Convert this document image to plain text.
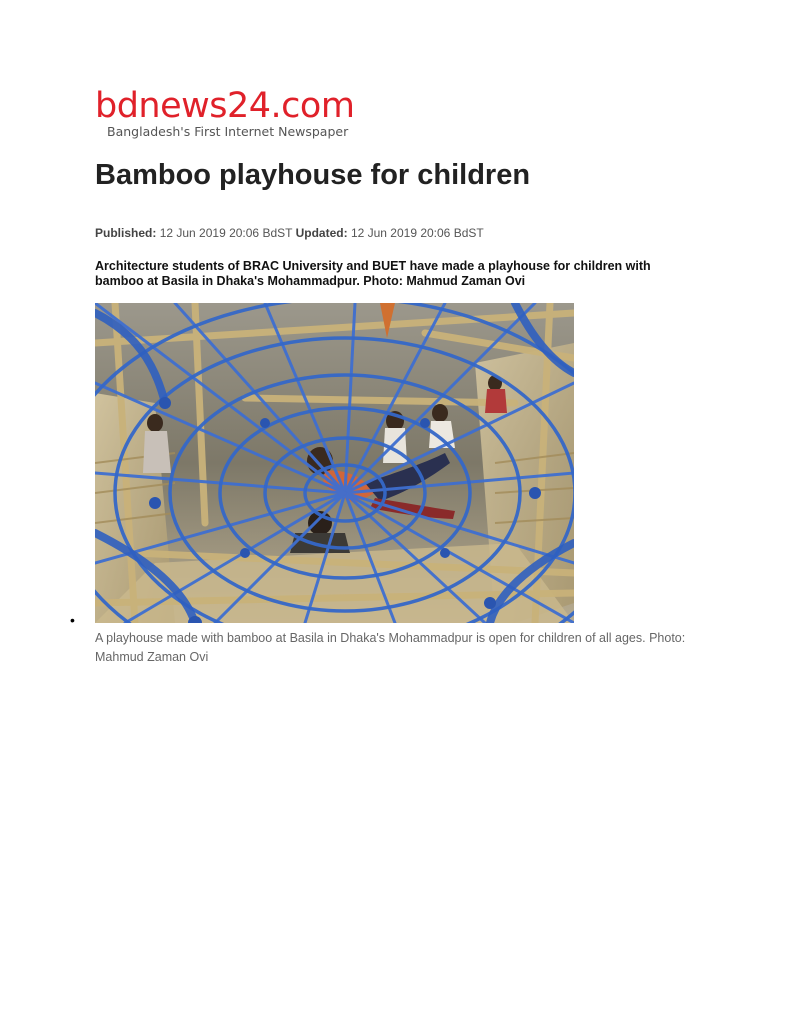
bdnews24.com
Bangladesh's First Internet Newspaper
Bamboo playhouse for children
Published: 12 Jun 2019 20:06 BdST Updated: 12 Jun 2019 20:06 BdST

Architecture students of BRAC University and BUET have made a playhouse for children with bamboo at Basila in Dhaka's Mohammadpur. Photo: Mahmud Zaman Ovi

•

A playhouse made with bamboo at Basila in Dhaka's Mohammadpur is open for children of all ages. Photo: Mahmud Zaman Ovi
